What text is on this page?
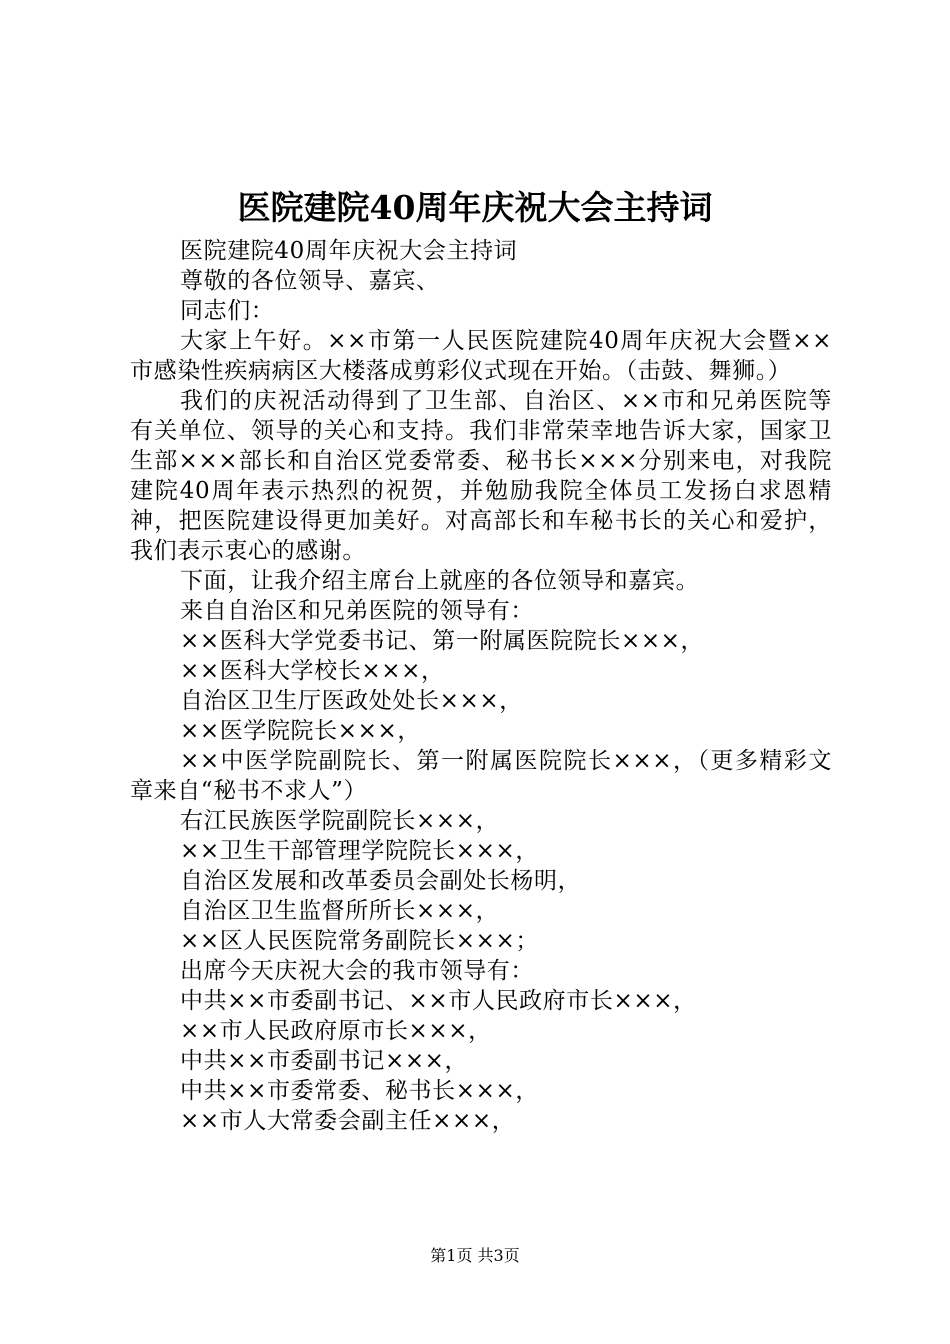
医院建院40周年庆祝大会主持词

医院建院40周年庆祝大会主持词

尊敬的各位领导、嘉宾、

同志们：

大家上午好。××市第一人民医院建院40周年庆祝大会暨××市感染性疾病病区大楼落成剪彩仪式现在开始。（击鼓、舞狮。）

我们的庆祝活动得到了卫生部、自治区、××市和兄弟医院等有关单位、领导的关心和支持。我们非常荣幸地告诉大家，国家卫生部×××部长和自治区党委常委、秘书长×××分别来电，对我院建院40周年表示热烈的祝贺，并勉励我院全体员工发扬白求恩精神，把医院建设得更加美好。对高部长和车秘书长的关心和爱护，我们表示衷心的感谢。

下面，让我介绍主席台上就座的各位领导和嘉宾。

来自自治区和兄弟医院的领导有：

××医科大学党委书记、第一附属医院院长×××，

××医科大学校长×××，

自治区卫生厅医政处处长×××，

××医学院院长×××，

××中医学院副院长、第一附属医院院长×××，（更多精彩文章来自“秘书不求人”）

右江民族医学院副院长×××，

××卫生干部管理学院院长×××，

自治区发展和改革委员会副处长杨明，

自治区卫生监督所所长×××，

××区人民医院常务副院长×××；

出席今天庆祝大会的我市领导有：

中共××市委副书记、××市人民政府市长×××，

××市人民政府原市长×××，

中共××市委副书记×××，

中共××市委常委、秘书长×××，

××市人大常委会副主任×××，

第1页 共3页
